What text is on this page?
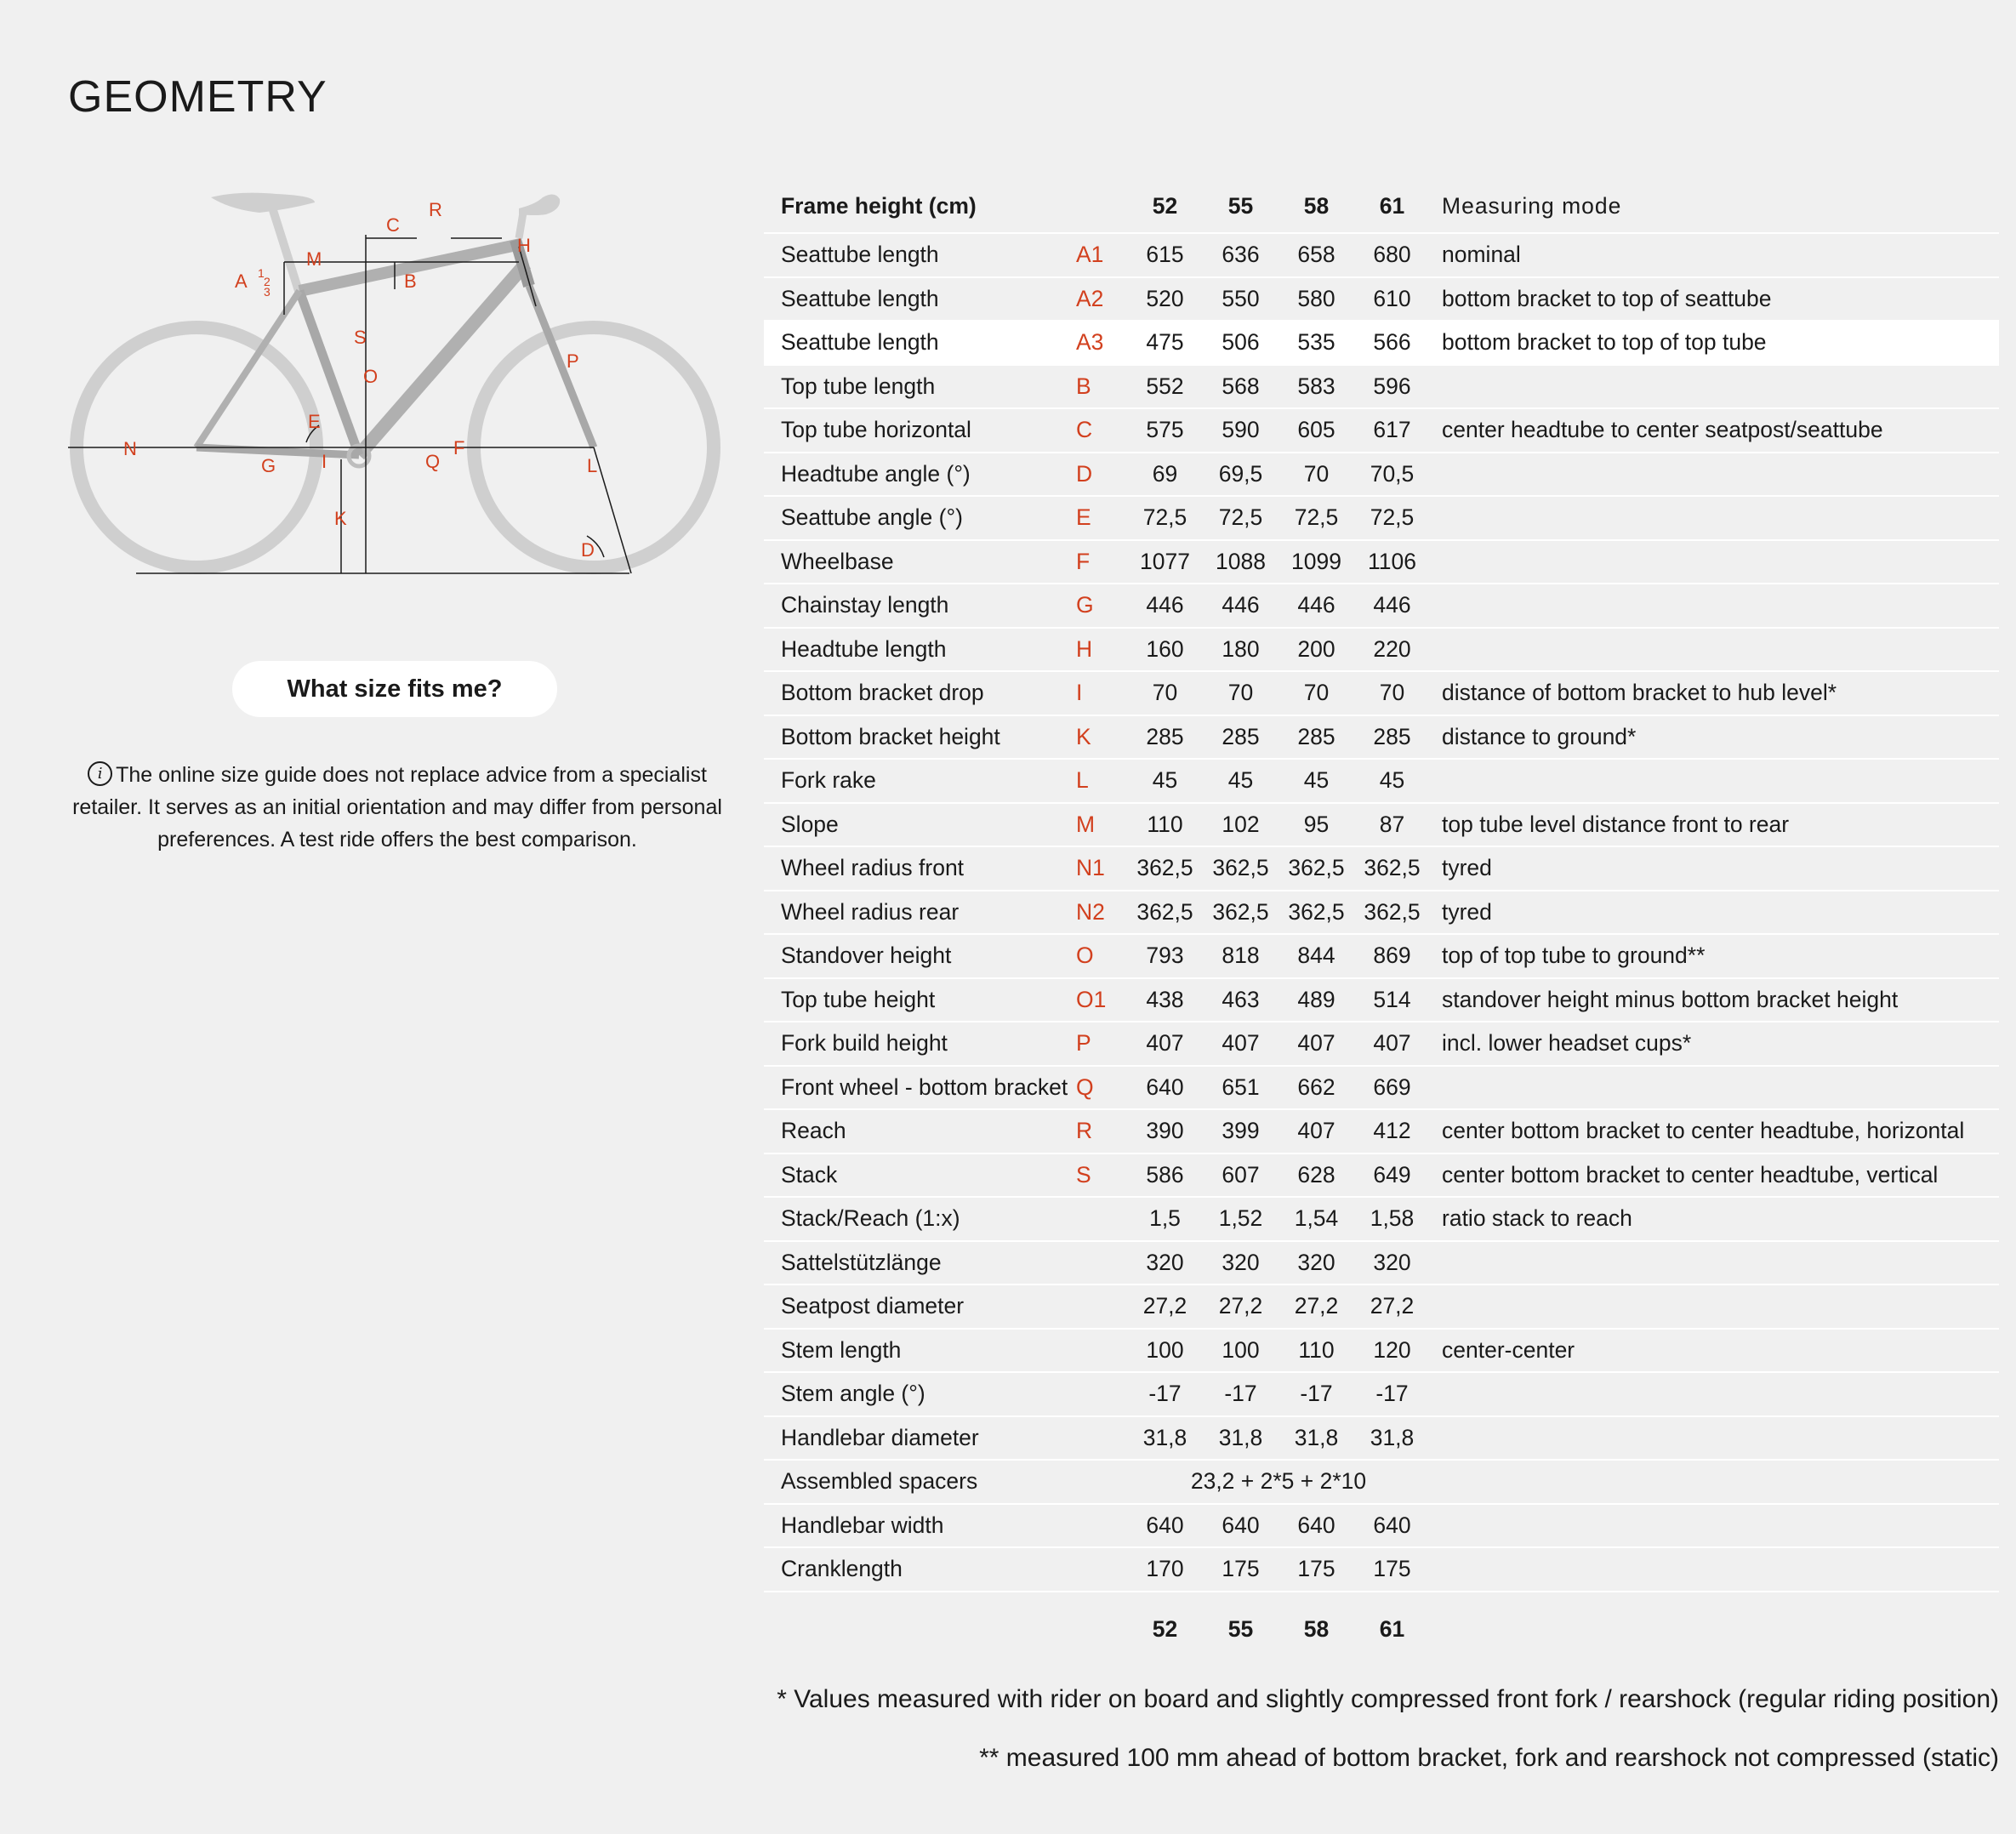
GEOMETRY
N
A 1
2
3
M
C
R
B
H
S
O
P
E
G I	Q
F
L
K
D
What size fits me?
i The online size guide does not replace advice from a specialist retailer. It serves as an initial orientation and may differ from personal preferences. A test ride offers the best comparison.
Frame height (cm)		52	55	58	61	Measuring mode
Seattube length	A1	615	636	658	680	nominal
Seattube length	A2	520	550	580	610	bottom bracket to top of seattube
Seattube length	A3	475	506	535	566	bottom bracket to top of top tube
Top tube length	B	552	568	583	596	
Top tube horizontal	C	575	590	605	617	center headtube to center seatpost/seattube
Headtube angle (°)	D	69	69,5	70	70,5	
Seattube angle (°)	E	72,5	72,5	72,5	72,5	
Wheelbase	F	1077	1088	1099	1106	
Chainstay length	G	446	446	446	446	
Headtube length	H	160	180	200	220	
Bottom bracket drop	I	70	70	70	70	distance of bottom bracket to hub level*
Bottom bracket height	K	285	285	285	285	distance to ground*
Fork rake	L	45	45	45	45	
Slope	M	110	102	95	87	top tube level distance front to rear
Wheel radius front	N1	362,5	362,5	362,5	362,5	tyred
Wheel radius rear	N2	362,5	362,5	362,5	362,5	tyred
Standover height	O	793	818	844	869	top of top tube to ground**
Top tube height	O1	438	463	489	514	standover height minus bottom bracket height
Fork build height	P	407	407	407	407	incl. lower headset cups*
Front wheel - bottom bracket	Q	640	651	662	669	
Reach	R	390	399	407	412	center bottom bracket to center headtube, horizontal
Stack	S	586	607	628	649	center bottom bracket to center headtube, vertical
Stack/Reach (1:x)		1,5	1,52	1,54	1,58	ratio stack to reach
Sattelstützlänge		320	320	320	320	
Seatpost diameter		27,2	27,2	27,2	27,2	
Stem length		100	100	110	120	center-center
Stem angle (°)		-17	-17	-17	-17	
Handlebar diameter		31,8	31,8	31,8	31,8	
Assembled spacers		23,2 + 2*5 + 2*10				
Handlebar width		640	640	640	640	
Cranklength		170	175	175	175	
		52	55	58	61	
* Values measured with rider on board and slightly compressed front fork / rearshock (regular riding position)
** measured 100 mm ahead of bottom bracket, fork and rearshock not compressed (static)
